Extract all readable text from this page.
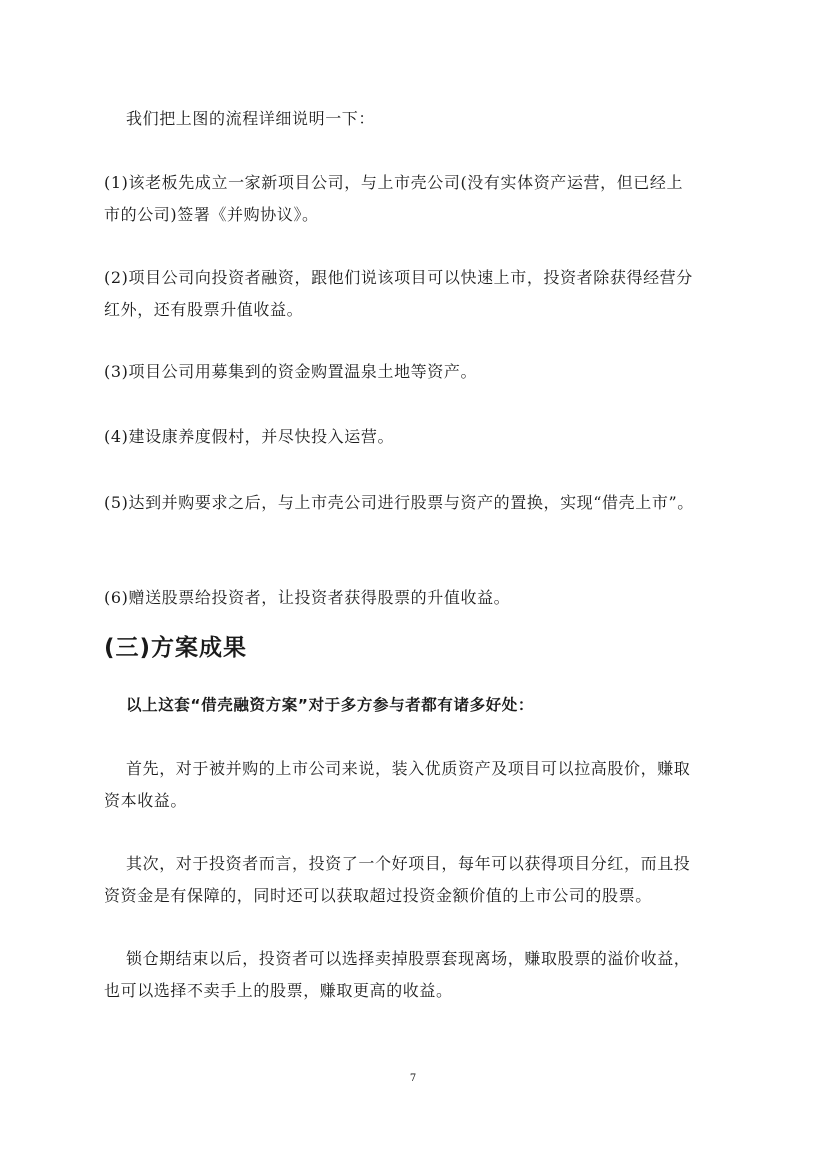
我们把上图的流程详细说明一下：

(1)该老板先成立一家新项目公司，与上市壳公司(没有实体资产运营，但已经上市的公司)签署《并购协议》。

(2)项目公司向投资者融资，跟他们说该项目可以快速上市，投资者除获得经营分红外，还有股票升值收益。

(3)项目公司用募集到的资金购置温泉土地等资产。

(4)建设康养度假村，并尽快投入运营。

(5)达到并购要求之后，与上市壳公司进行股票与资产的置换，实现“借壳上市”。

(6)赠送股票给投资者，让投资者获得股票的升值收益。

(三)方案成果

以上这套“借壳融资方案”对于多方参与者都有诸多好处：

首先，对于被并购的上市公司来说，装入优质资产及项目可以拉高股价，赚取资本收益。

其次，对于投资者而言，投资了一个好项目，每年可以获得项目分红，而且投资资金是有保障的，同时还可以获取超过投资金额价值的上市公司的股票。

锁仓期结束以后，投资者可以选择卖掉股票套现离场，赚取股票的溢价收益，也可以选择不卖手上的股票，赚取更高的收益。

7
